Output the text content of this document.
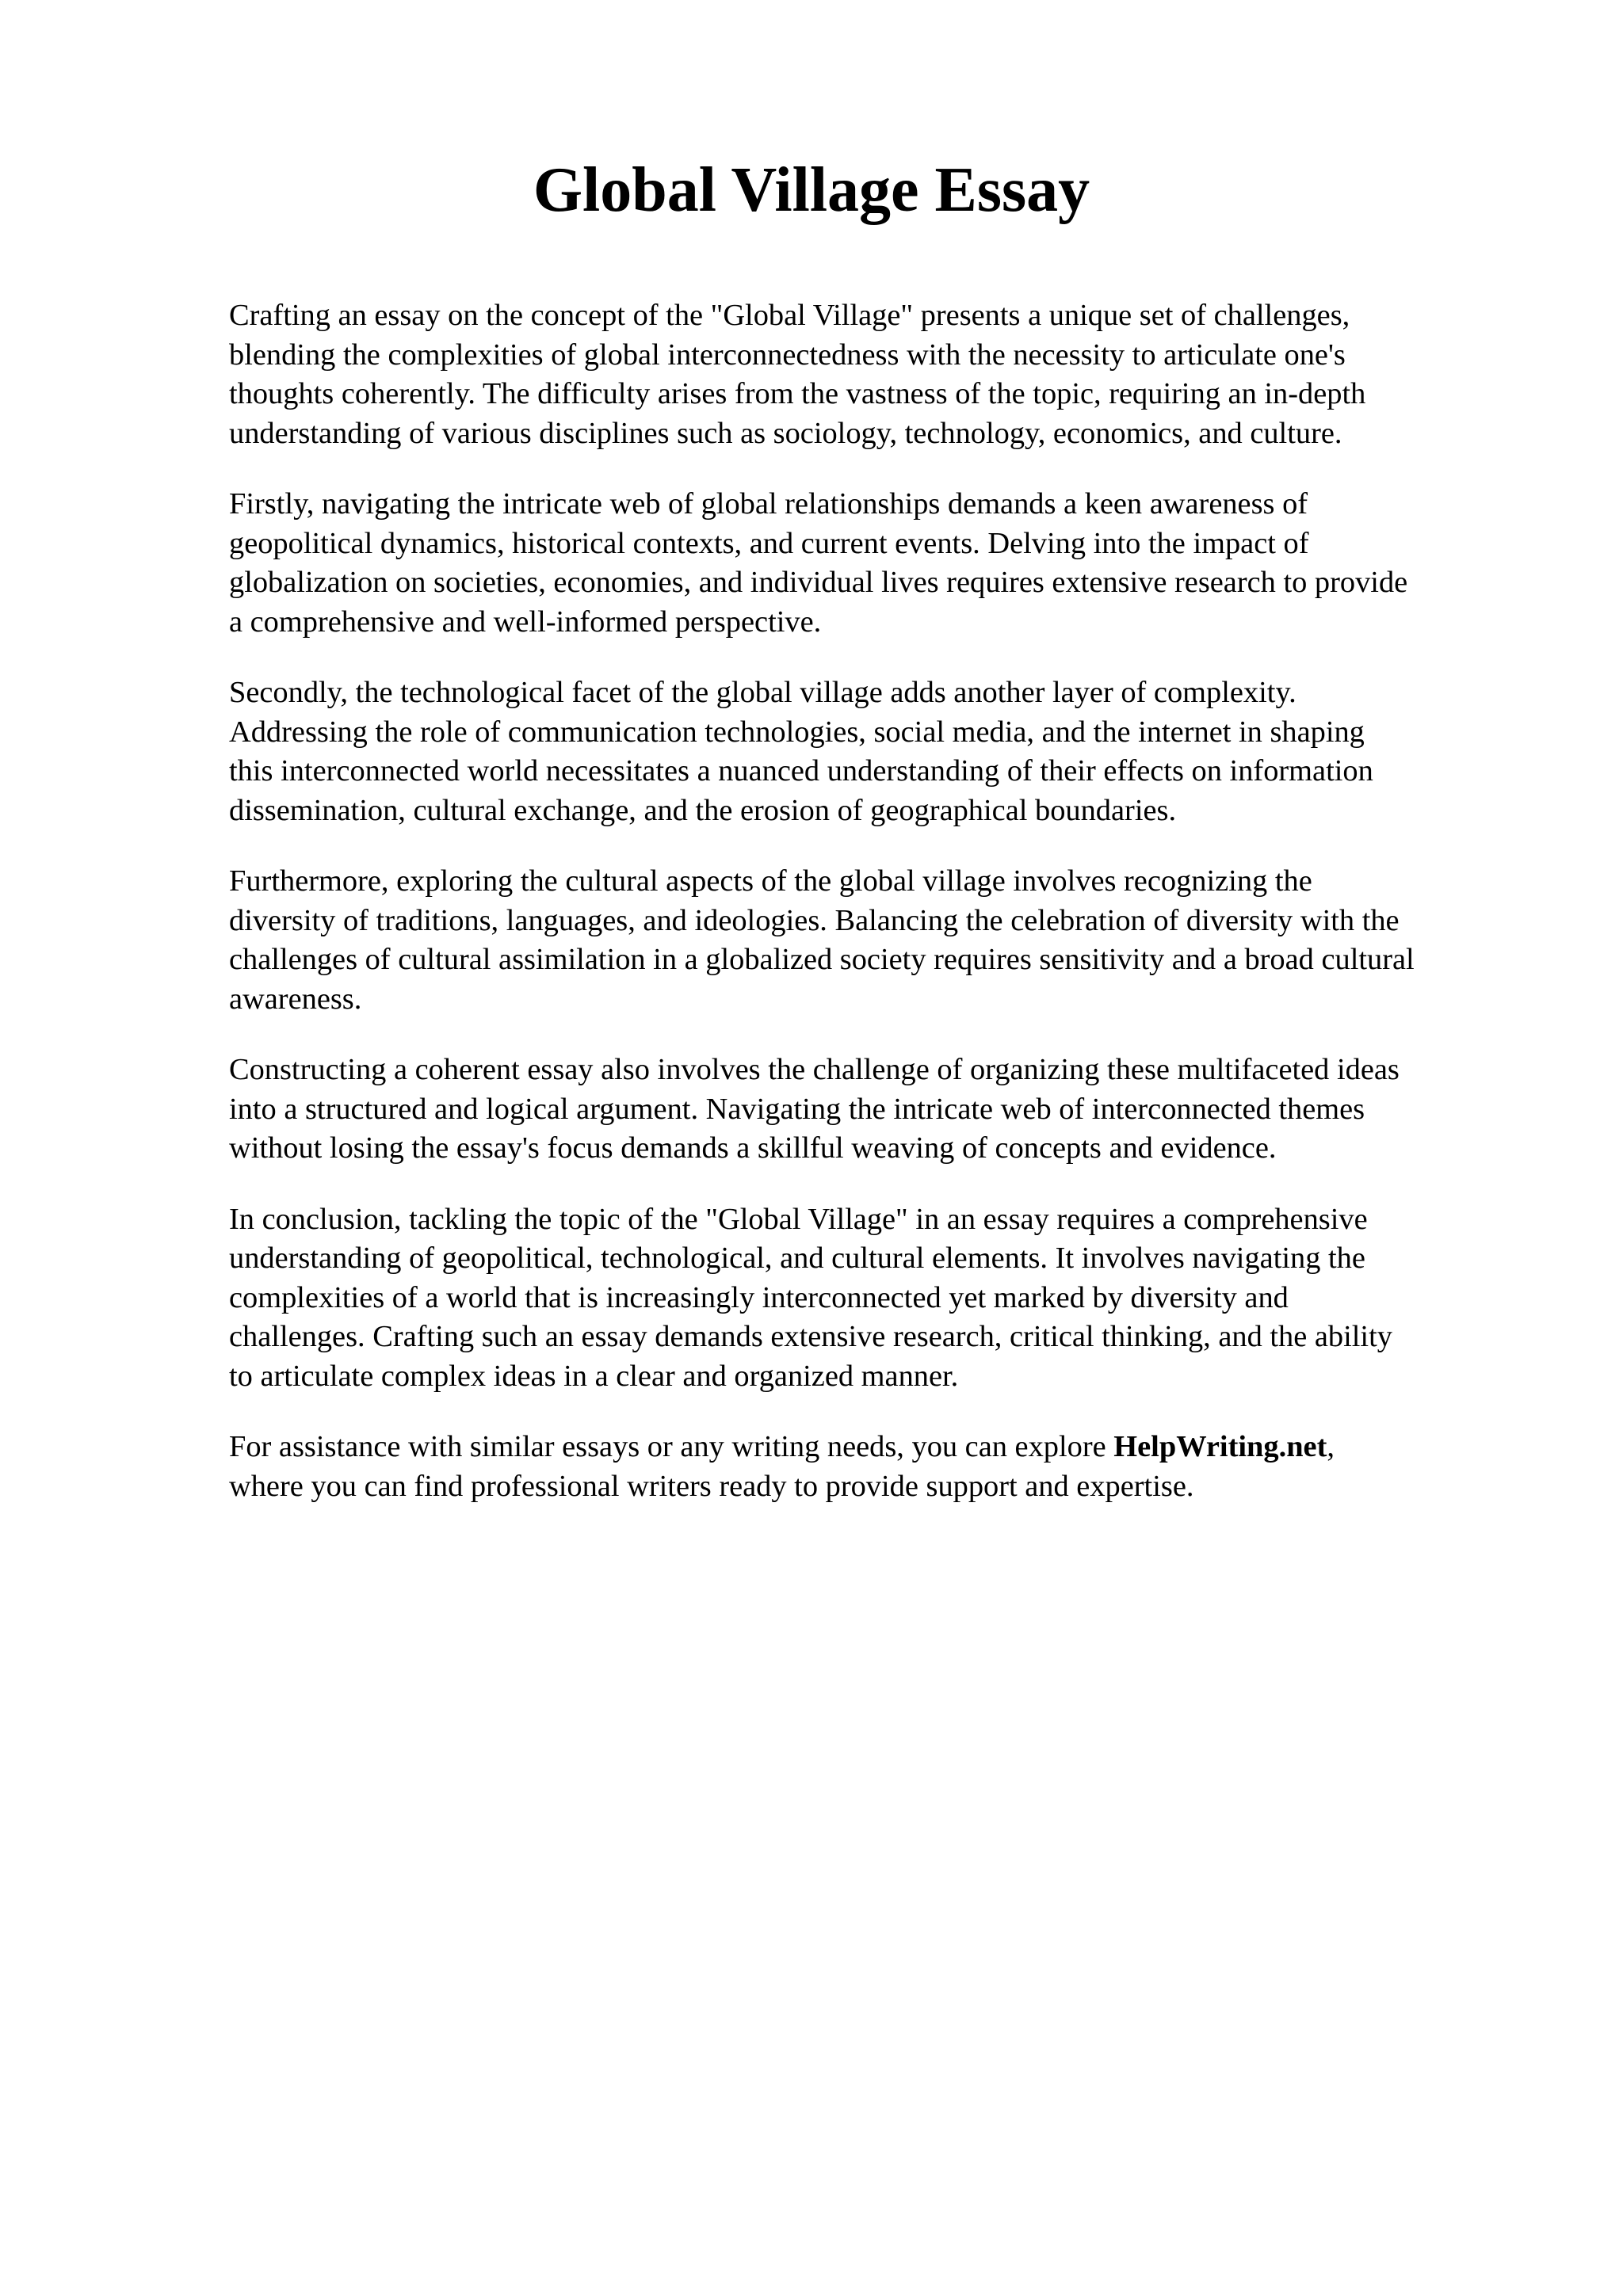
Global Village Essay

Crafting an essay on the concept of the "Global Village" presents a unique set of challenges,
blending the complexities of global interconnectedness with the necessity to articulate one's
thoughts coherently. The difficulty arises from the vastness of the topic, requiring an in-depth
understanding of various disciplines such as sociology, technology, economics, and culture.

Firstly, navigating the intricate web of global relationships demands a keen awareness of
geopolitical dynamics, historical contexts, and current events. Delving into the impact of
globalization on societies, economies, and individual lives requires extensive research to provide
a comprehensive and well-informed perspective.

Secondly, the technological facet of the global village adds another layer of complexity.
Addressing the role of communication technologies, social media, and the internet in shaping
this interconnected world necessitates a nuanced understanding of their effects on information
dissemination, cultural exchange, and the erosion of geographical boundaries.

Furthermore, exploring the cultural aspects of the global village involves recognizing the
diversity of traditions, languages, and ideologies. Balancing the celebration of diversity with the
challenges of cultural assimilation in a globalized society requires sensitivity and a broad cultural
awareness.

Constructing a coherent essay also involves the challenge of organizing these multifaceted ideas
into a structured and logical argument. Navigating the intricate web of interconnected themes
without losing the essay's focus demands a skillful weaving of concepts and evidence.

In conclusion, tackling the topic of the "Global Village" in an essay requires a comprehensive
understanding of geopolitical, technological, and cultural elements. It involves navigating the
complexities of a world that is increasingly interconnected yet marked by diversity and
challenges. Crafting such an essay demands extensive research, critical thinking, and the ability
to articulate complex ideas in a clear and organized manner.

For assistance with similar essays or any writing needs, you can explore HelpWriting.net,
where you can find professional writers ready to provide support and expertise.
